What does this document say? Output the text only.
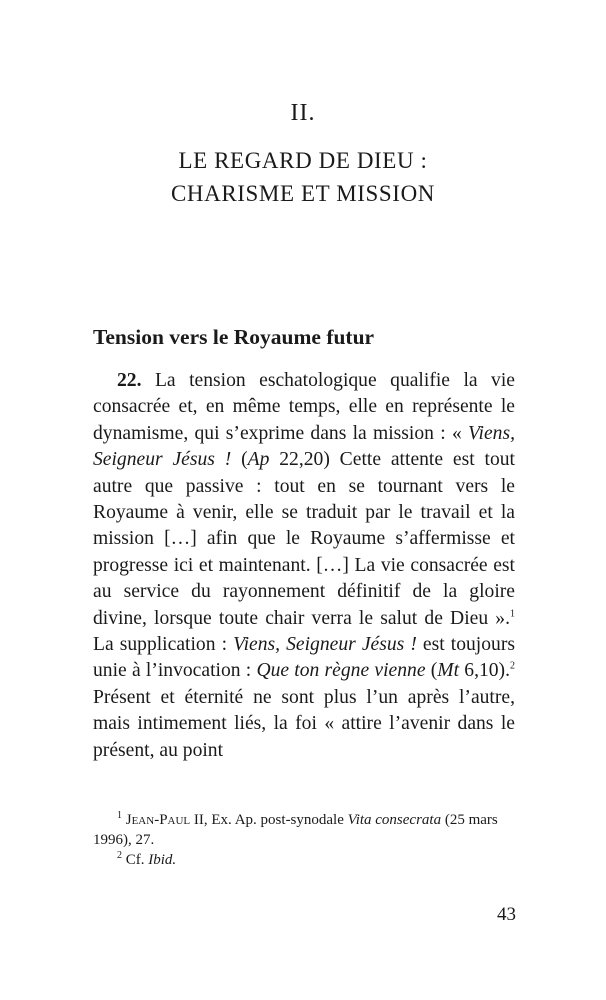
II.
LE REGARD DE DIEU :
CHARISME ET MISSION
Tension vers le Royaume futur
22. La tension eschatologique qualifie la vie consacrée et, en même temps, elle en représente le dynamisme, qui s’exprime dans la mission : « Viens, Seigneur Jésus ! (Ap 22,20) Cette attente est tout autre que passive : tout en se tournant vers le Royaume à venir, elle se traduit par le travail et la mission […] afin que le Royaume s’affermisse et progresse ici et maintenant. […] La vie consacrée est au service du rayonnement définitif de la gloire divine, lorsque toute chair verra le salut de Dieu ».$^1$ La supplication : Viens, Seigneur Jésus ! est toujours unie à l’invocation : Que ton règne vienne (Mt 6,10).$^2$ Présent et éternité ne sont plus l’un après l’autre, mais intimement liés, la foi « attire l’avenir dans le présent, au point

$^1$ Jean-Paul II, Ex. Ap. post-synodale Vita consecrata (25 mars 1996), 27.

$^2$ Cf. Ibid.

43
